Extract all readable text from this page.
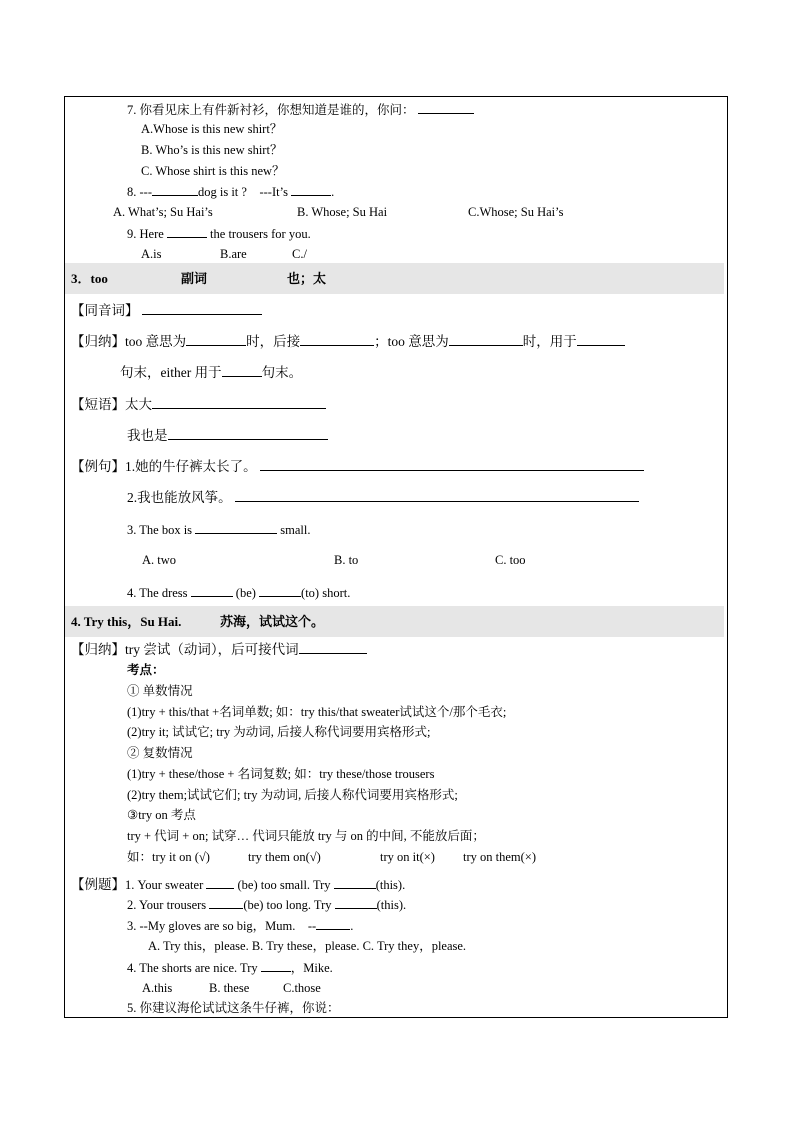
7. 你看见床上有件新衬衫，你想知道是谁的，你问：
A.Whose is this new shirt？
B. Who’s is this new shirt？
C. Whose shirt is this new？
8. ---	dog is it ? ---It’s	.
A. What’s; Su Hai’s	B. Whose; Su Hai	C.Whose; Su Hai’s
9. Here	the trousers for you.
A.is	B.are	C./
3．too	副词	也；太
【同音词】
【归纳】too 意思为	时，后接	；too 意思为	时，用于
句末，either 用于	句末。
【短语】太大
我也是
【例句】1.她的牛仔裤太长了。
2.我也能放风筝。
3. The box is	small.
A. two	B. to	C. too
4. The dress	(be)	(to) short.
4. Try this，Su Hai.	苏海，试试这个。
【归纳】try 尝试（动词），后可接代词
考点：
① 单数情况
(1)try + this/that +名词单数; 如：try this/that sweater试试这个/那个毛衣;
(2)try it; 试试它; try 为动词, 后接人称代词要用宾格形式;
② 复数情况
(1)try + these/those + 名词复数; 如：try these/those trousers
(2)try them;试试它们; try 为动词, 后接人称代词要用宾格形式;
③try on 考点
try + 代词 + on; 试穿… 代词只能放 try 与 on 的中间, 不能放后面；
如：try it on (√)	try them on(√)	try on it(×) try on them(×)
【例题】1. Your sweater	(be) too small. Try	(this).
2. Your trousers	(be) too long. Try	(this).
3. --My gloves are so big，Mum. --	.
A. Try this，please. B. Try these，please. C. Try they，please.
4. The shorts are nice. Try	，Mike.
A.this	B. these	C.those
5. 你建议海伦试试这条牛仔裤，你说：
